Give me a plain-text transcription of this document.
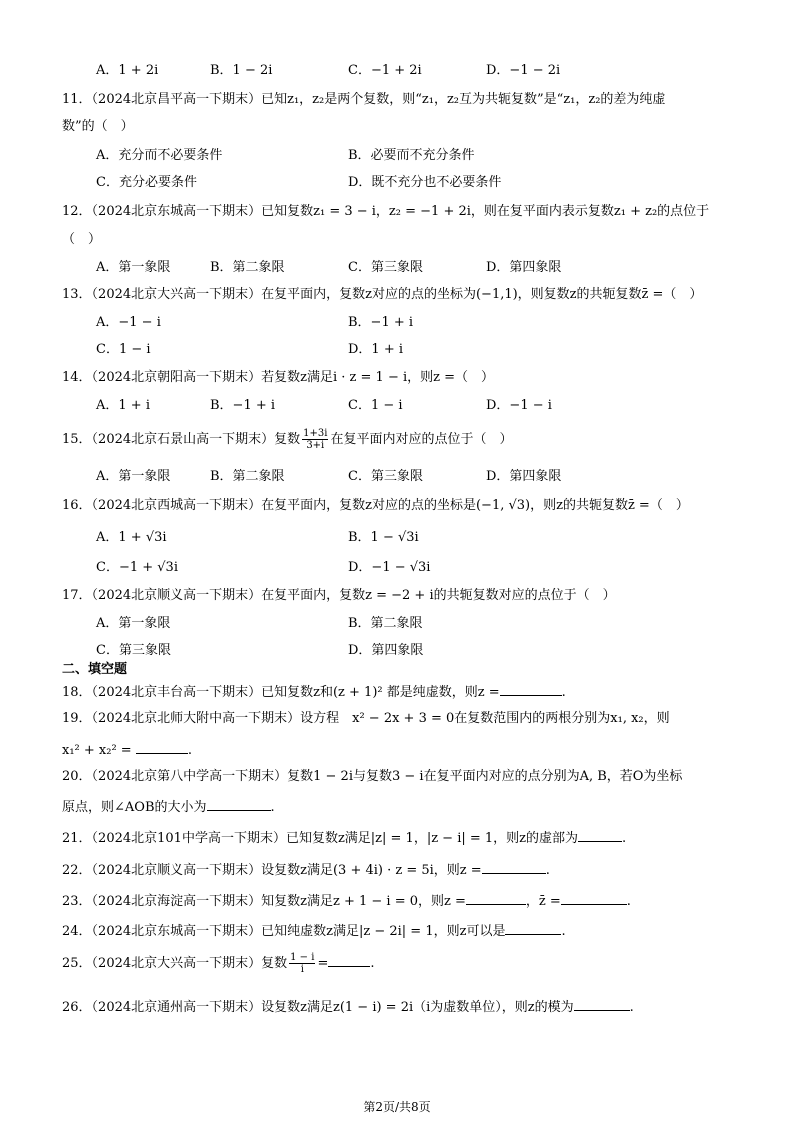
A．1 + 2i	B．1 − 2i	C．−1 + 2i	D．−1 − 2i
11．（2024北京昌平高一下期末）已知z₁，z₂是两个复数，则“z₁，z₂互为共轭复数”是“z₁，z₂的差为纯虚
数”的（　）
A．充分而不必要条件	B．必要而不充分条件
C．充分必要条件	D．既不充分也不必要条件
12．（2024北京东城高一下期末）已知复数z₁ = 3 − i，z₂ = −1 + 2i，则在复平面内表示复数z₁ + z₂的点位于
（　）
A．第一象限	B．第二象限	C．第三象限	D．第四象限
13．（2024北京大兴高一下期末）在复平面内，复数z对应的点的坐标为(−1,1)，则复数z的共轭复数z̄ =（　）
A．−1 − i	B．−1 + i
C．1 − i	D．1 + i
14．（2024北京朝阳高一下期末）若复数z满足i · z = 1 − i，则z =（　）
A．1 + i	B．−1 + i	C．1 − i	D．−1 − i
15．（2024北京石景山高一下期末）复数 $\frac{1+3i}{3+i}$ 在复平面内对应的点位于（　）
A．第一象限	B．第二象限	C．第三象限	D．第四象限
16．（2024北京西城高一下期末）在复平面内，复数z对应的点的坐标是(−1, √3)，则z的共轭复数z̄ =（　）
A．1 + √3i	B．1 − √3i
C．−1 + √3i	D．−1 − √3i
17．（2024北京顺义高一下期末）在复平面内，复数z = −2 + i的共轭复数对应的点位于（　）
A．第一象限	B．第二象限
C．第三象限	D．第四象限
二、填空题
18．（2024北京丰台高一下期末）已知复数z和(z + 1)² 都是纯虚数，则z =	.
19．（2024北京北师大附中高一下期末）设方程　x² − 2x + 3 = 0在复数范围内的两根分别为x₁, x₂，则
x₁² + x₂² =	.
20．（2024北京第八中学高一下期末）复数1 − 2i与复数3 − i在复平面内对应的点分别为A, B，若O为坐标
原点，则∠AOB的大小为	.
21．（2024北京101中学高一下期末）已知复数z满足|z| = 1，|z − i| = 1，则z的虚部为	.
22．（2024北京顺义高一下期末）设复数z满足(3 + 4i) · z = 5i，则z =	.
23．（2024北京海淀高一下期末）知复数z满足z + 1 − i = 0，则z =	，z̄ =	.
24．（2024北京东城高一下期末）已知纯虚数z满足|z − 2i| = 1，则z可以是	.
25．（2024北京大兴高一下期末）复数 $\frac{1 - i}{i}$ =	.
26．（2024北京通州高一下期末）设复数z满足z(1 − i) = 2i（i为虚数单位），则z的模为	.
第2页/共8页
